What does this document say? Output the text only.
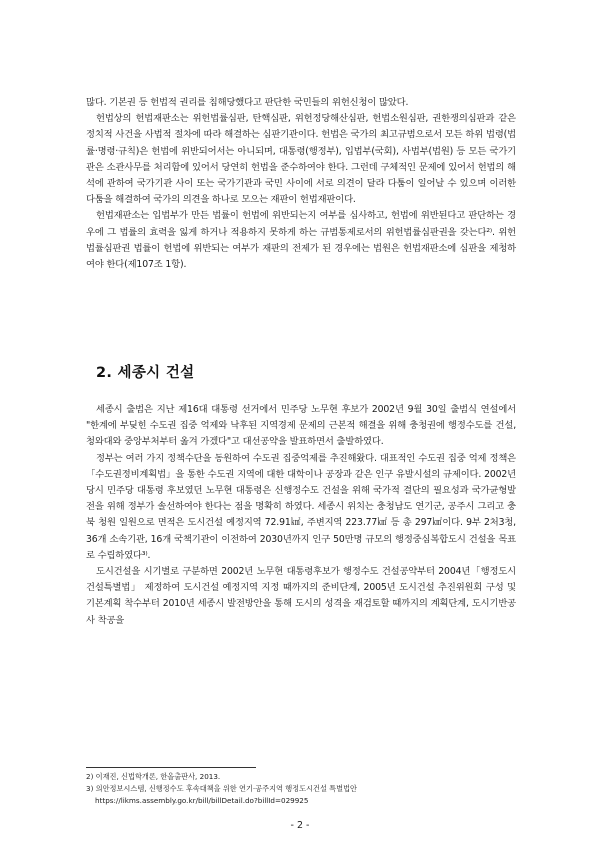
많다. 기본권 등 헌법적 권리를 침해당했다고 판단한 국민들의 위헌신청이 많았다.

헌법상의 헌법재판소는 위헌법률심판, 탄핵심판, 위헌정당해산심판, 헌법소원심판, 권한쟁의심판과 같은 정치적 사건을 사법적 절차에 따라 해결하는 심판기관이다. 헌법은 국가의 최고규범으로서 모든 하위 법령(법률·명령·규칙)은 헌법에 위반되어서는 아니되며, 대통령(행정부), 입법부(국회), 사법부(법원) 등 모든 국가기관은 소관사무를 처리함에 있어서 당연히 헌법을 준수하여야 한다. 그런데 구체적인 문제에 있어서 헌법의 해석에 관하여 국가기관 사이 또는 국가기관과 국민 사이에 서로 의견이 달라 다툼이 일어날 수 있으며 이러한 다툼을 해결하여 국가의 의견을 하나로 모으는 재판이 헌법재판이다.

헌법재판소는 입법부가 만든 법률이 헌법에 위반되는지 여부를 심사하고, 헌법에 위반된다고 판단하는 경우에 그 법률의 효력을 잃게 하거나 적용하지 못하게 하는 규범통제로서의 위헌법률심판권을 갖는다²⁾. 위헌법률심판권 법률이 헌법에 위반되는 여부가 재판의 전제가 된 경우에는 법원은 헌법재판소에 심판을 제청하여야 한다(제107조 1항).

2. 세종시 건설

세종시 출범은 지난 제16대 대통령 선거에서 민주당 노무현 후보가 2002년 9월 30일 출범식 연설에서 "한계에 부딪힌 수도권 집중 억제와 낙후된 지역경제 문제의 근본적 해결을 위해 충청권에 행정수도를 건설, 청와대와 중앙부처부터 옮겨 가겠다"고 대선공약을 발표하면서 출발하였다.

정부는 여러 가지 정책수단을 동원하여 수도권 집중억제를 추진해왔다. 대표적인 수도권 집중 억제 정책은 「수도권정비계획법」을 통한 수도권 지역에 대한 대학이나 공장과 같은 인구 유발시설의 규제이다. 2002년 당시 민주당 대통령 후보였던 노무현 대통령은 신행정수도 건설을 위해 국가적 결단의 필요성과 국가균형발전을 위해 정부가 솔선하여야 한다는 점을 명확히 하였다. 세종시 위치는 충청남도 연기군, 공주시 그리고 충북 청원 일원으로 면적은 도시건설 예정지역 72.91㎢, 주변지역 223.77㎢ 등 총 297㎢이다. 9부 2처3청, 36개 소속기관, 16개 국책기관이 이전하여 2030년까지 인구 50만명 규모의 행정중심복합도시 건설을 목표로 수립하였다³⁾.

도시건설을 시기별로 구분하면 2002년 노무현 대통령후보가 행정수도 건설공약부터 2004년「행정도시 건설특별법」 제정하여 도시건설 예정지역 지정 때까지의 준비단계, 2005년 도시건설 추진위원회 구성 및 기본계획 착수부터 2010년 세종시 발전방안을 통해 도시의 성격을 재검토할 때까지의 계획단계, 도시기반공사 착공을

2) 이재진, 신법학개론, 한올출판사, 2013.
3) 의안정보시스템, 신행정수도 후속대책을 위한 연기·공주지역 행정도시건설 특별법안
https://likms.assembly.go.kr/bill/billDetail.do?billId=029925
- 2 -
